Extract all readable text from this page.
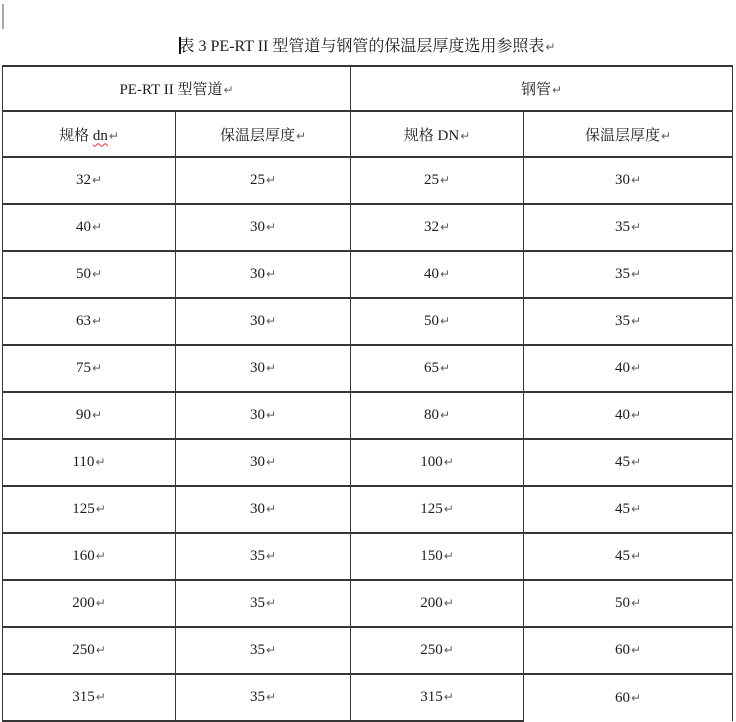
表 3 PE-RT II 型管道与钢管的保温层厚度选用参照表↵
PE-RT II 型管道↵		钢管↵	
规格 dn↵	保温层厚度↵	规格 DN↵	保温层厚度↵
32↵	25↵	25↵	30↵
40↵	30↵	32↵	35↵
50↵	30↵	40↵	35↵
63↵	30↵	50↵	35↵
75↵	30↵	65↵	40↵
90↵	30↵	80↵	40↵
110↵	30↵	100↵	45↵
125↵	30↵	125↵	45↵
160↵	35↵	150↵	45↵
200↵	35↵	200↵	50↵
250↵	35↵	250↵	60↵
315↵	35↵	315↵	60↵
